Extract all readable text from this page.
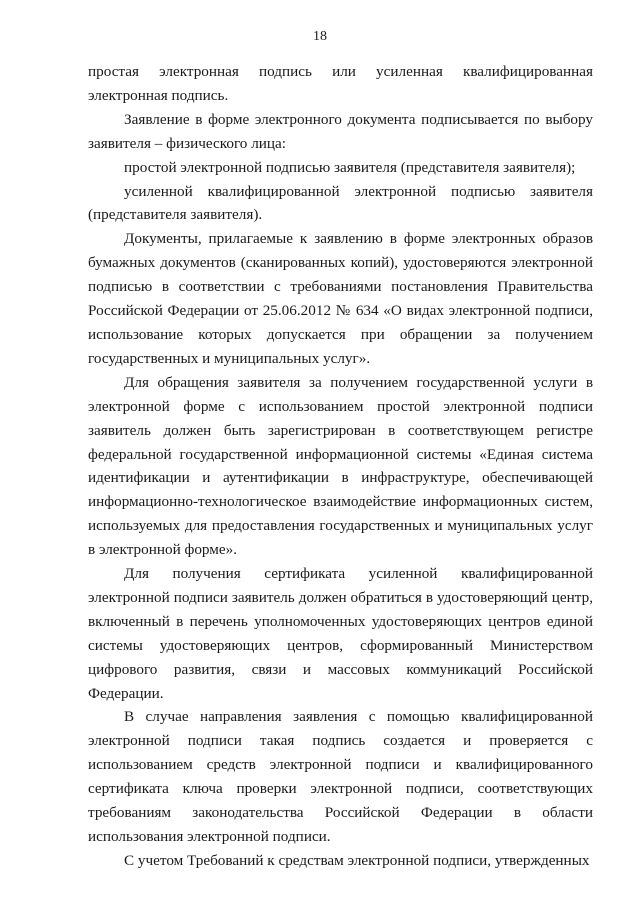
18

простая электронная подпись или усиленная квалифицированная электронная подпись.

Заявление в форме электронного документа подписывается по выбору заявителя – физического лица:

простой электронной подписью заявителя (представителя заявителя);

усиленной квалифицированной электронной подписью заявителя (представителя заявителя).

Документы, прилагаемые к заявлению в форме электронных образов бумажных документов (сканированных копий), удостоверяются электронной подписью в соответствии с требованиями постановления Правительства Российской Федерации от 25.06.2012 № 634 «О видах электронной подписи, использование которых допускается при обращении за получением государственных и муниципальных услуг».

Для обращения заявителя за получением государственной услуги в электронной форме с использованием простой электронной подписи заявитель должен быть зарегистрирован в соответствующем регистре федеральной государственной информационной системы «Единая система идентификации и аутентификации в инфраструктуре, обеспечивающей информационно-технологическое взаимодействие информационных систем, используемых для предоставления государственных и муниципальных услуг в электронной форме».

Для получения сертификата усиленной квалифицированной электронной подписи заявитель должен обратиться в удостоверяющий центр, включенный в перечень уполномоченных удостоверяющих центров единой системы удостоверяющих центров, сформированный Министерством цифрового развития, связи и массовых коммуникаций Российской Федерации.

В случае направления заявления с помощью квалифицированной электронной подписи такая подпись создается и проверяется с использованием средств электронной подписи и квалифицированного сертификата ключа проверки электронной подписи, соответствующих требованиям законодательства Российской Федерации в области использования электронной подписи.

С учетом Требований к средствам электронной подписи, утвержденных
